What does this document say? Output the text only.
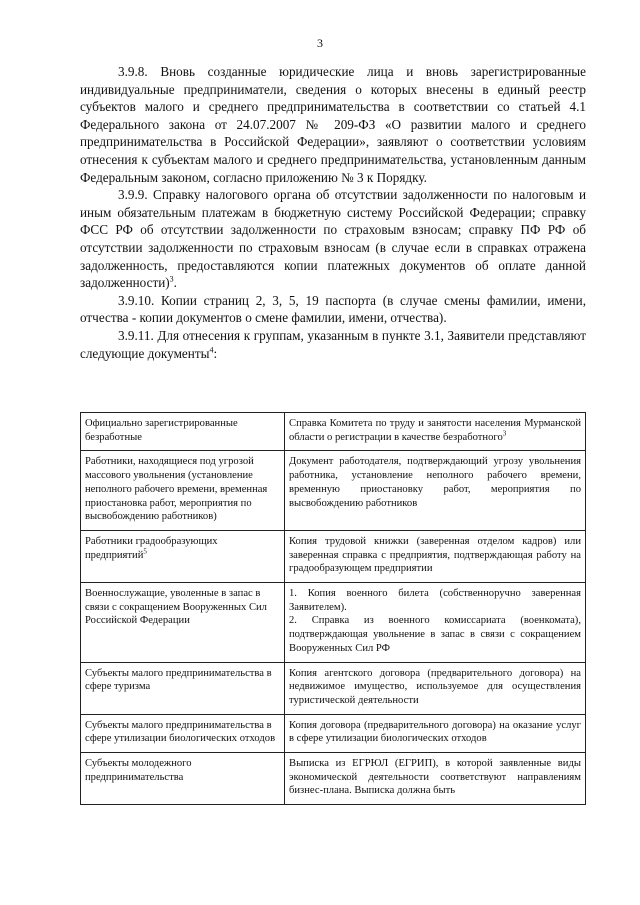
3

3.9.8. Вновь созданные юридические лица и вновь зарегистрированные индивидуальные предприниматели, сведения о которых внесены в единый реестр субъектов малого и среднего предпринимательства в соответствии со статьей 4.1 Федерального закона от 24.07.2007 № 209-ФЗ «О развитии малого и среднего предпринимательства в Российской Федерации», заявляют о соответствии условиям отнесения к субъектам малого и среднего предпринимательства, установленным данным Федеральным законом, согласно приложению № 3 к Порядку.

3.9.9. Справку налогового органа об отсутствии задолженности по налоговым и иным обязательным платежам в бюджетную систему Российской Федерации; справку ФСС РФ об отсутствии задолженности по страховым взносам; справку ПФ РФ об отсутствии задолженности по страховым взносам (в случае если в справках отражена задолженность, предоставляются копии платежных документов об оплате данной задолженности)$^3$.

3.9.10. Копии страниц 2, 3, 5, 19 паспорта (в случае смены фамилии, имени, отчества - копии документов о смене фамилии, имени, отчества).

3.9.11. Для отнесения к группам, указанным в пункте 3.1, Заявители представляют следующие документы$^4$:

Официально зарегистрированные безработные	Справка Комитета по труду и занятости населения Мурманской области о регистрации в качестве безработного$^3$
Работники, находящиеся под угрозой массового увольнения (установление неполного рабочего времени, временная приостановка работ, мероприятия по высвобождению работников)	Документ работодателя, подтверждающий угрозу увольнения работника, установление неполного рабочего времени, временную приостановку работ, мероприятия по высвобождению работников
Работники градообразующих предприятий$^5$	Копия трудовой книжки (заверенная отделом кадров) или заверенная справка с предприятия, подтверждающая работу на градообразующем предприятии
Военнослужащие, уволенные в запас в связи с сокращением Вооруженных Сил Российской Федерации	1. Копия военного билета (собственноручно заверенная Заявителем).
2. Справка из военного комиссариата (военкомата), подтверждающая увольнение в запас в связи с сокращением Вооруженных Сил РФ

Субъекты малого предпринимательства в сфере туризма	Копия агентского договора (предварительного договора) на недвижимое имущество, используемое для осуществления туристической деятельности
Субъекты малого предпринимательства в сфере утилизации биологических отходов	Копия договора (предварительного договора) на оказание услуг в сфере утилизации биологических отходов
Субъекты молодежного предпринимательства	Выписка из ЕГРЮЛ (ЕГРИП), в которой заявленные виды экономической деятельности соответствуют направлениям бизнес-плана. Выписка должна быть
